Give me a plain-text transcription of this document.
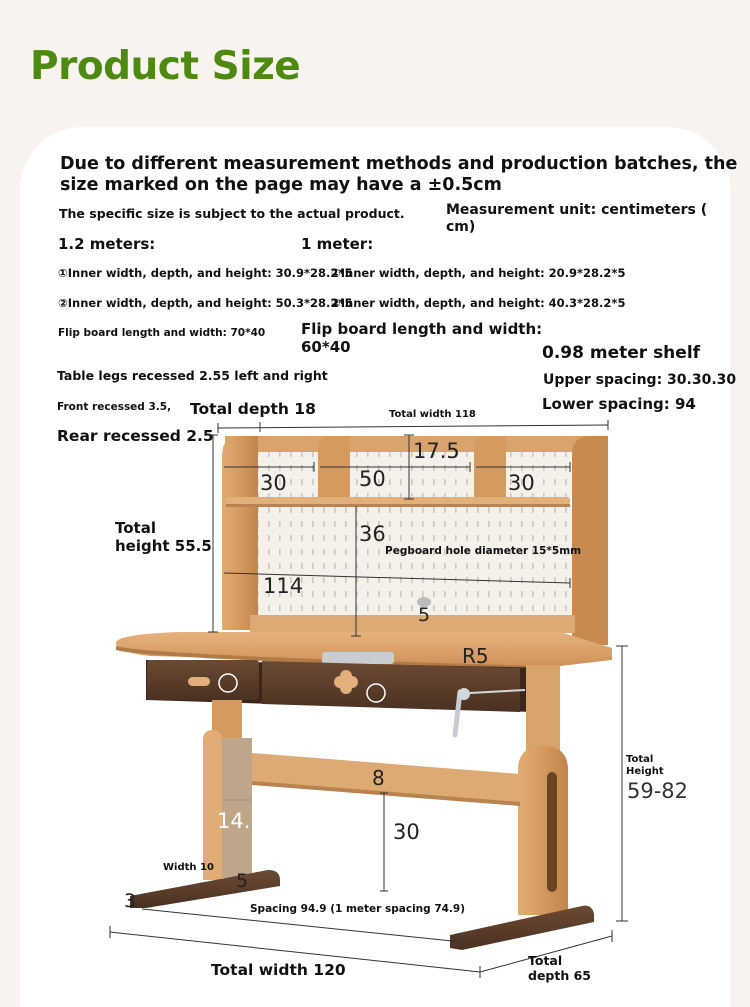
Product Size
Due to different measurement methods and production batches, the
size marked on the page may have a ±0.5cm
The specific size is subject to the actual product.	Measurement unit: centimeters (
cm)
1.2 meters:
①Inner width, depth, and height: 30.9*28.2*5
②Inner width, depth, and height: 50.3*28.2*5
Flip board length and width: 70*40
1 meter:
①Inner width, depth, and height: 20.9*28.2*5
②Inner width, depth, and height: 40.3*28.2*5
Flip board length and width:
60*40	0.98 meter shelf
Upper spacing: 30.30.30
Lower spacing: 94
Table legs recessed 2.55 left and right
Front recessed 3.5,
Rear recessed 2.5
Total depth 18	Total width 118
Total
height 55.5
30	50	30
17.5
36
Pegboard hole diameter 15*5mm
114
5
R5
8
30
14.1
Width 10
5
3	Spacing 94.9 (1 meter spacing 74.9)
Total
Height
59-82
Total width 120
Total
depth 65
